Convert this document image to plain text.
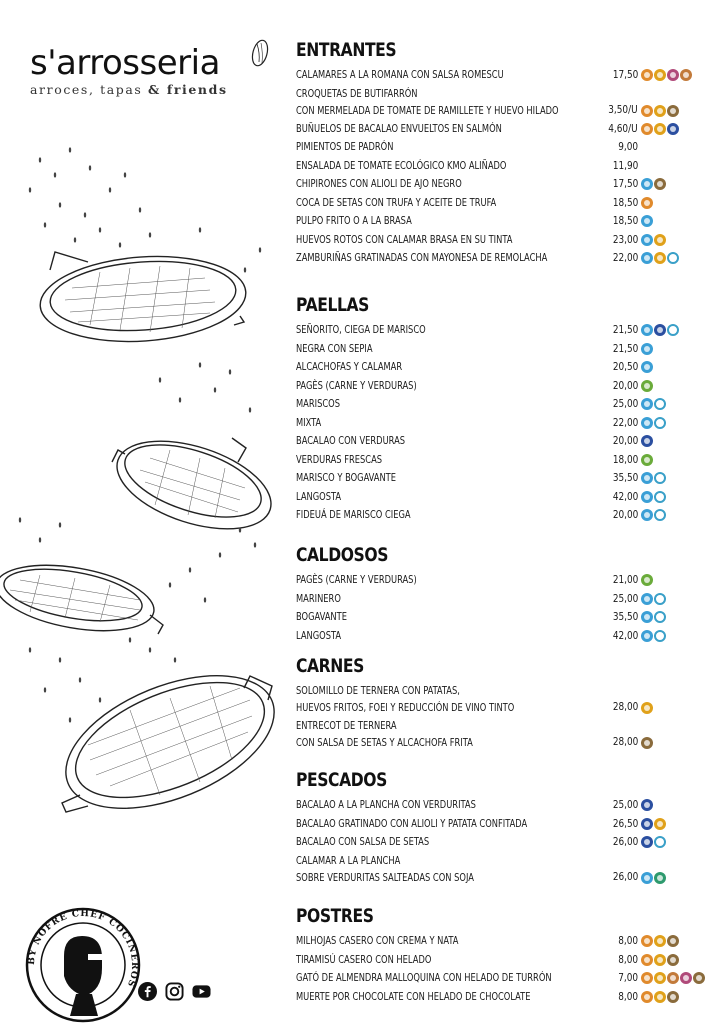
s'arrosseria
arroces, tapas & friends
BY NOFRE CHEF COCINEROS
ENTRANTES
CALAMARES A LA ROMANA CON SALSA ROMESCU	17,50
CROQUETAS DE BUTIFARRÓN
CON MERMELADA DE TOMATE DE RAMILLETE Y HUEVO HILADO	3,50/U
BUÑUELOS DE BACALAO ENVUELTOS EN SALMÓN	4,60/U
PIMIENTOS DE PADRÓN	9,00
ENSALADA DE TOMATE ECOLÓGICO KMO ALIÑADO	11,90
CHIPIRONES CON ALIOLI DE AJO NEGRO	17,50
COCA DE SETAS CON TRUFA Y ACEITE DE TRUFA	18,50
PULPO FRITO O A LA BRASA	18,50
HUEVOS ROTOS CON CALAMAR BRASA EN SU TINTA	23,00
ZAMBURIÑAS GRATINADAS CON MAYONESA DE REMOLACHA	22,00
PAELLAS
SEÑORITO, CIEGA DE MARISCO	21,50
NEGRA CON SEPIA	21,50
ALCACHOFAS Y CALAMAR	20,50
PAGÈS (CARNE Y VERDURAS)	20,00
MARISCOS	25,00
MIXTA	22,00
BACALAO CON VERDURAS	20,00
VERDURAS FRESCAS	18,00
MARISCO Y BOGAVANTE	35,50
LANGOSTA	42,00
FIDEUÁ DE MARISCO CIEGA	20,00
CALDOSOS
PAGÈS (CARNE Y VERDURAS)	21,00
MARINERO	25,00
BOGAVANTE	35,50
LANGOSTA	42,00
CARNES
SOLOMILLO DE TERNERA CON PATATAS,
HUEVOS FRITOS, FOEI Y REDUCCIÓN DE VINO TINTO	28,00
ENTRECOT DE TERNERA
CON SALSA DE SETAS Y ALCACHOFA FRITA	28,00
PESCADOS
BACALAO A LA PLANCHA CON VERDURITAS	25,00
BACALAO GRATINADO CON ALIOLI Y PATATA CONFITADA	26,50
BACALAO CON SALSA DE SETAS	26,00
CALAMAR A LA PLANCHA
SOBRE VERDURITAS SALTEADAS CON SOJA	26,00
POSTRES
MILHOJAS CASERO CON CREMA Y NATA	8,00
TIRAMISÚ CASERO CON HELADO	8,00
GATÓ DE ALMENDRA MALLOQUINA CON HELADO DE TURRÓN	7,00
MUERTE POR CHOCOLATE CON HELADO DE CHOCOLATE	8,00
